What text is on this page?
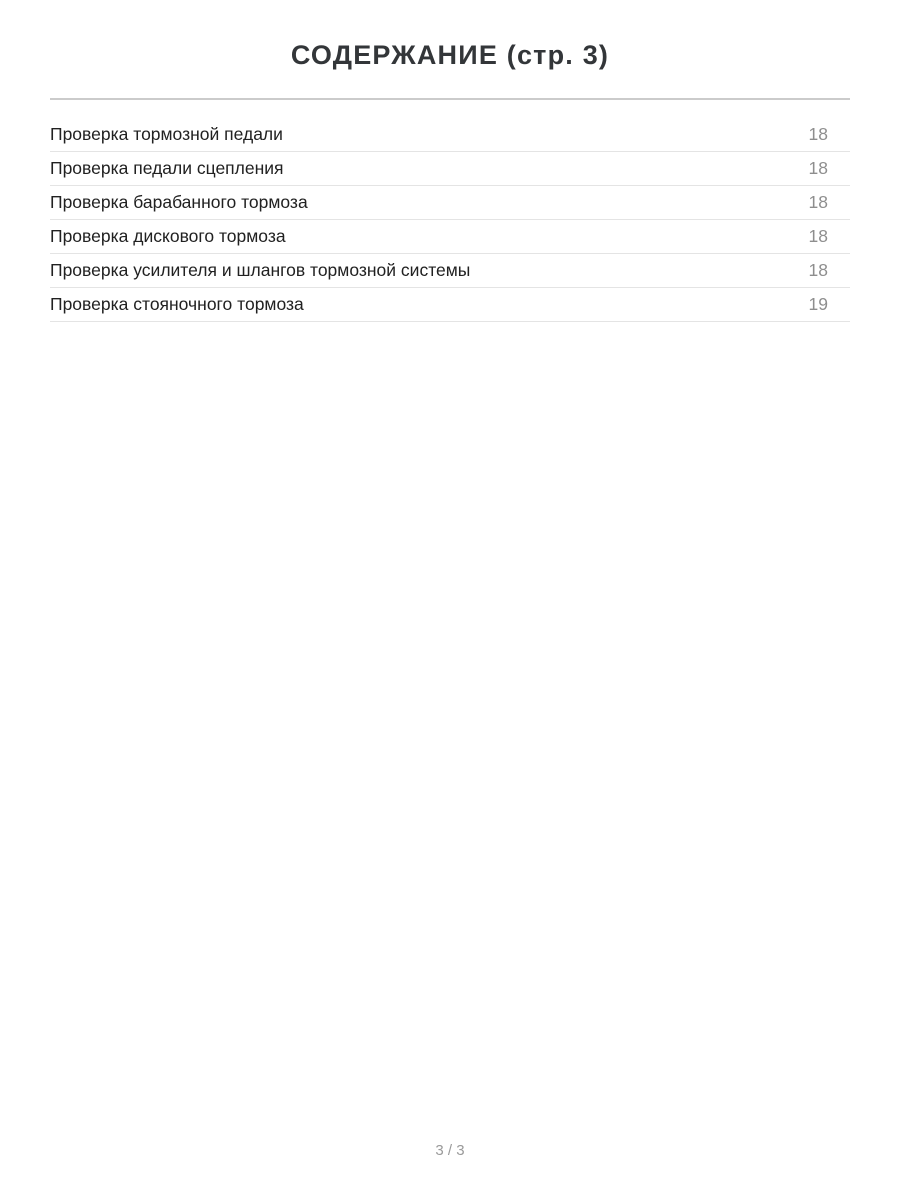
СОДЕРЖАНИЕ (стр. 3)
Проверка тормозной педали	18
Проверка педали сцепления	18
Проверка барабанного тормоза	18
Проверка дискового тормоза	18
Проверка усилителя и шлангов тормозной системы	18
Проверка стояночного тормоза	19
3 / 3
